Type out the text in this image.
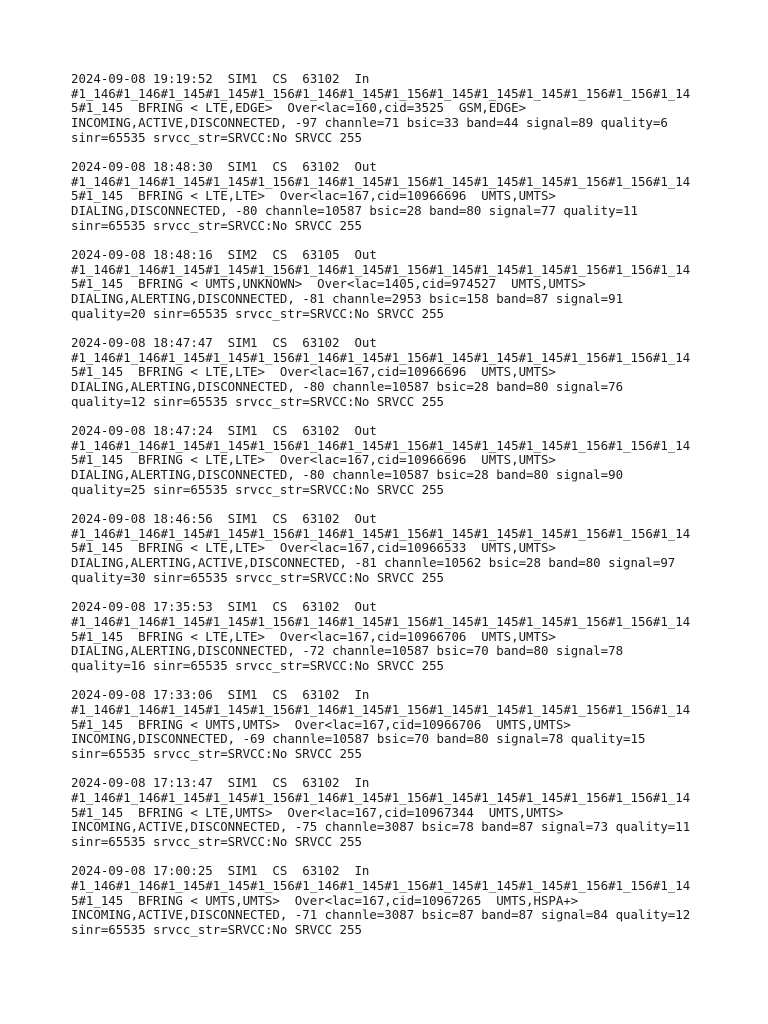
2024-09-08 19:19:52  SIM1  CS  63102  In
#1_146#1_146#1_145#1_145#1_156#1_146#1_145#1_156#1_145#1_145#1_145#1_156#1_156#1_14
5#1_145  BFRING < LTE,EDGE>  Over<lac=160,cid=3525  GSM,EDGE>
INCOMING,ACTIVE,DISCONNECTED, -97 channle=71 bsic=33 band=44 signal=89 quality=6
sinr=65535 srvcc_str=SRVCC:No SRVCC 255
2024-09-08 18:48:30  SIM1  CS  63102  Out
#1_146#1_146#1_145#1_145#1_156#1_146#1_145#1_156#1_145#1_145#1_145#1_156#1_156#1_14
5#1_145  BFRING < LTE,LTE>  Over<lac=167,cid=10966696  UMTS,UMTS>
DIALING,DISCONNECTED, -80 channle=10587 bsic=28 band=80 signal=77 quality=11
sinr=65535 srvcc_str=SRVCC:No SRVCC 255
2024-09-08 18:48:16  SIM2  CS  63105  Out
#1_146#1_146#1_145#1_145#1_156#1_146#1_145#1_156#1_145#1_145#1_145#1_156#1_156#1_14
5#1_145  BFRING < UMTS,UNKNOWN>  Over<lac=1405,cid=974527  UMTS,UMTS>
DIALING,ALERTING,DISCONNECTED, -81 channle=2953 bsic=158 band=87 signal=91
quality=20 sinr=65535 srvcc_str=SRVCC:No SRVCC 255
2024-09-08 18:47:47  SIM1  CS  63102  Out
#1_146#1_146#1_145#1_145#1_156#1_146#1_145#1_156#1_145#1_145#1_145#1_156#1_156#1_14
5#1_145  BFRING < LTE,LTE>  Over<lac=167,cid=10966696  UMTS,UMTS>
DIALING,ALERTING,DISCONNECTED, -80 channle=10587 bsic=28 band=80 signal=76
quality=12 sinr=65535 srvcc_str=SRVCC:No SRVCC 255
2024-09-08 18:47:24  SIM1  CS  63102  Out
#1_146#1_146#1_145#1_145#1_156#1_146#1_145#1_156#1_145#1_145#1_145#1_156#1_156#1_14
5#1_145  BFRING < LTE,LTE>  Over<lac=167,cid=10966696  UMTS,UMTS>
DIALING,ALERTING,DISCONNECTED, -80 channle=10587 bsic=28 band=80 signal=90
quality=25 sinr=65535 srvcc_str=SRVCC:No SRVCC 255
2024-09-08 18:46:56  SIM1  CS  63102  Out
#1_146#1_146#1_145#1_145#1_156#1_146#1_145#1_156#1_145#1_145#1_145#1_156#1_156#1_14
5#1_145  BFRING < LTE,LTE>  Over<lac=167,cid=10966533  UMTS,UMTS>
DIALING,ALERTING,ACTIVE,DISCONNECTED, -81 channle=10562 bsic=28 band=80 signal=97
quality=30 sinr=65535 srvcc_str=SRVCC:No SRVCC 255
2024-09-08 17:35:53  SIM1  CS  63102  Out
#1_146#1_146#1_145#1_145#1_156#1_146#1_145#1_156#1_145#1_145#1_145#1_156#1_156#1_14
5#1_145  BFRING < LTE,LTE>  Over<lac=167,cid=10966706  UMTS,UMTS>
DIALING,ALERTING,DISCONNECTED, -72 channle=10587 bsic=70 band=80 signal=78
quality=16 sinr=65535 srvcc_str=SRVCC:No SRVCC 255
2024-09-08 17:33:06  SIM1  CS  63102  In
#1_146#1_146#1_145#1_145#1_156#1_146#1_145#1_156#1_145#1_145#1_145#1_156#1_156#1_14
5#1_145  BFRING < UMTS,UMTS>  Over<lac=167,cid=10966706  UMTS,UMTS>
INCOMING,DISCONNECTED, -69 channle=10587 bsic=70 band=80 signal=78 quality=15
sinr=65535 srvcc_str=SRVCC:No SRVCC 255
2024-09-08 17:13:47  SIM1  CS  63102  In
#1_146#1_146#1_145#1_145#1_156#1_146#1_145#1_156#1_145#1_145#1_145#1_156#1_156#1_14
5#1_145  BFRING < LTE,UMTS>  Over<lac=167,cid=10967344  UMTS,UMTS>
INCOMING,ACTIVE,DISCONNECTED, -75 channle=3087 bsic=78 band=87 signal=73 quality=11
sinr=65535 srvcc_str=SRVCC:No SRVCC 255
2024-09-08 17:00:25  SIM1  CS  63102  In
#1_146#1_146#1_145#1_145#1_156#1_146#1_145#1_156#1_145#1_145#1_145#1_156#1_156#1_14
5#1_145  BFRING < UMTS,UMTS>  Over<lac=167,cid=10967265  UMTS,HSPA+>
INCOMING,ACTIVE,DISCONNECTED, -71 channle=3087 bsic=87 band=87 signal=84 quality=12
sinr=65535 srvcc_str=SRVCC:No SRVCC 255
